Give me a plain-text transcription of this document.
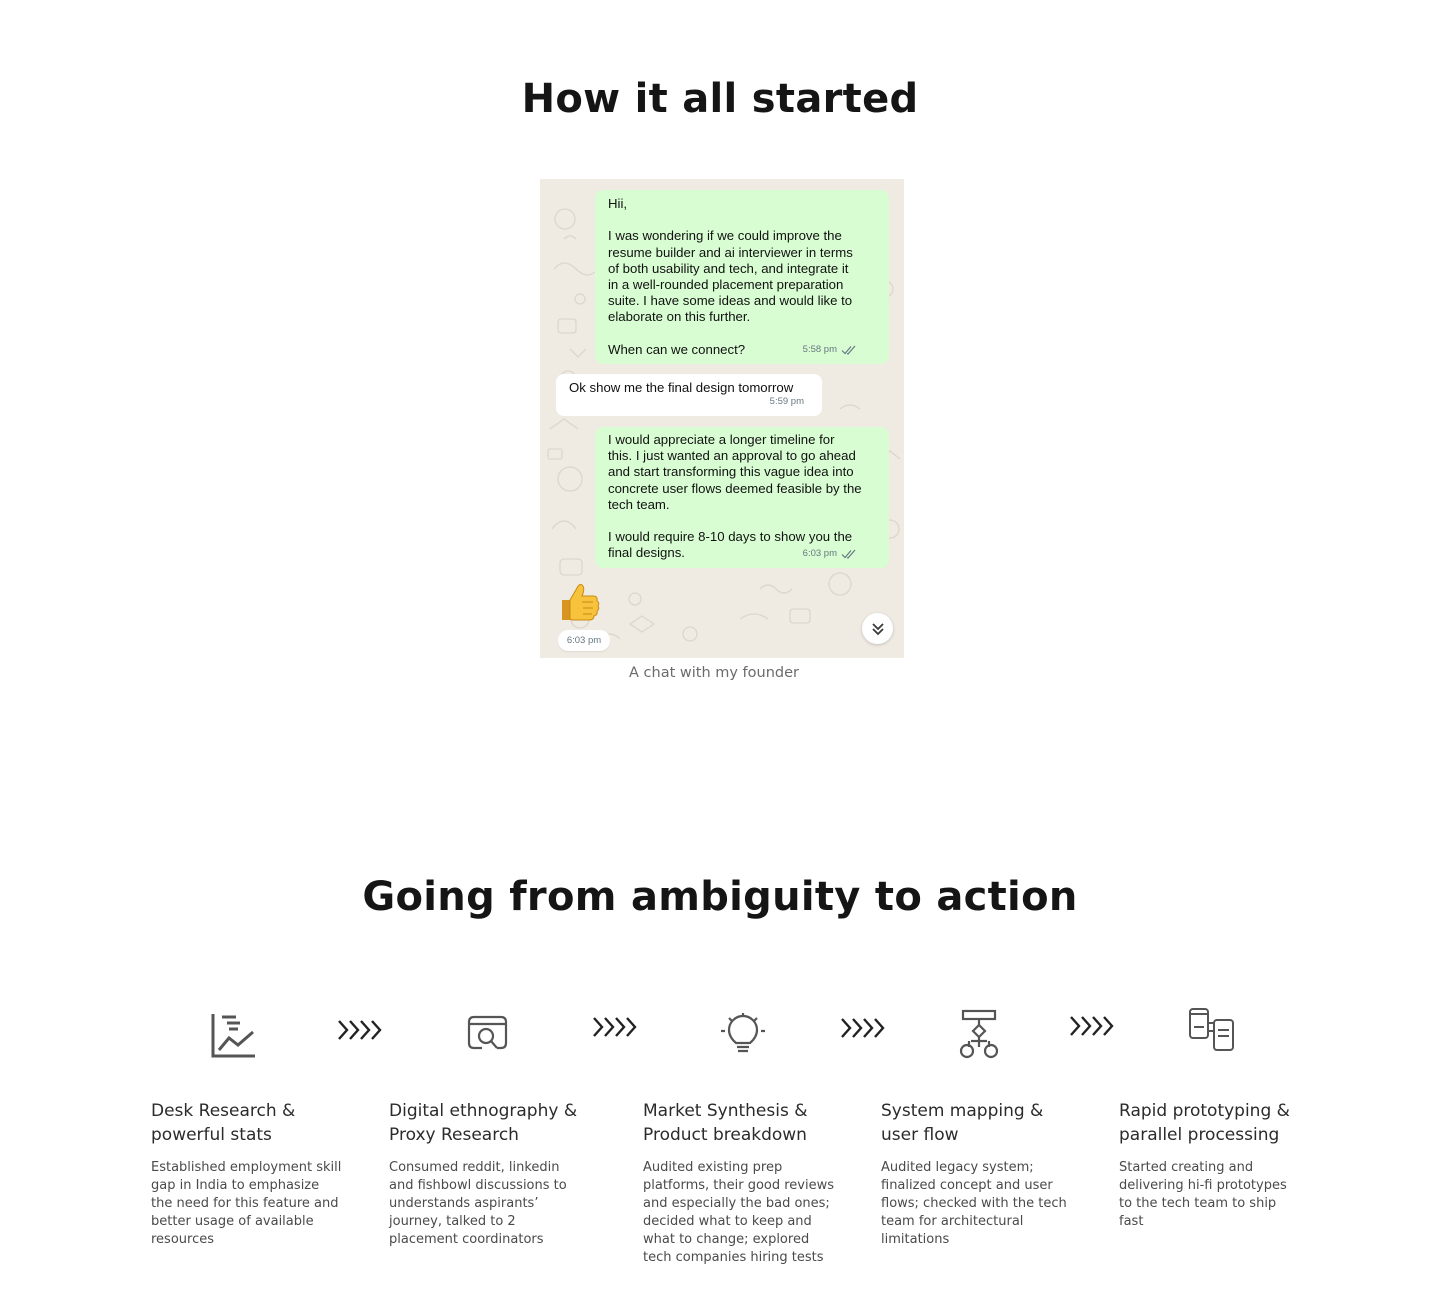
How it all started
Hii,

I was wondering if we could improve the
resume builder and ai interviewer in terms
of both usability and tech, and integrate it
in a well-rounded placement preparation
suite. I have some ideas and would like to
elaborate on this further.

When can we connect?	5:58 pm
Ok show me the final design tomorrow
5:59 pm
I would appreciate a longer timeline for
this. I just wanted an approval to go ahead
and start transforming this vague idea into
concrete user flows deemed feasible by the
tech team.

I would require 8-10 days to show you the
final designs.	6:03 pm
6:03 pm
A chat with my founder
Going from ambiguity to action
Desk Research &
powerful stats
Established employment skill
gap in India to emphasize
the need for this feature and
better usage of available
resources
Digital ethnography &
Proxy Research
Consumed reddit, linkedin
and fishbowl discussions to
understands aspirants’
journey, talked to 2
placement coordinators
Market Synthesis &
Product breakdown
Audited existing prep
platforms, their good reviews
and especially the bad ones;
decided what to keep and
what to change; explored
tech companies hiring tests
System mapping &
user flow
Audited legacy system;
finalized concept and user
flows; checked with the tech
team for architectural
limitations
Rapid prototyping &
parallel processing
Started creating and
delivering hi-fi prototypes
to the tech team to ship
fast
